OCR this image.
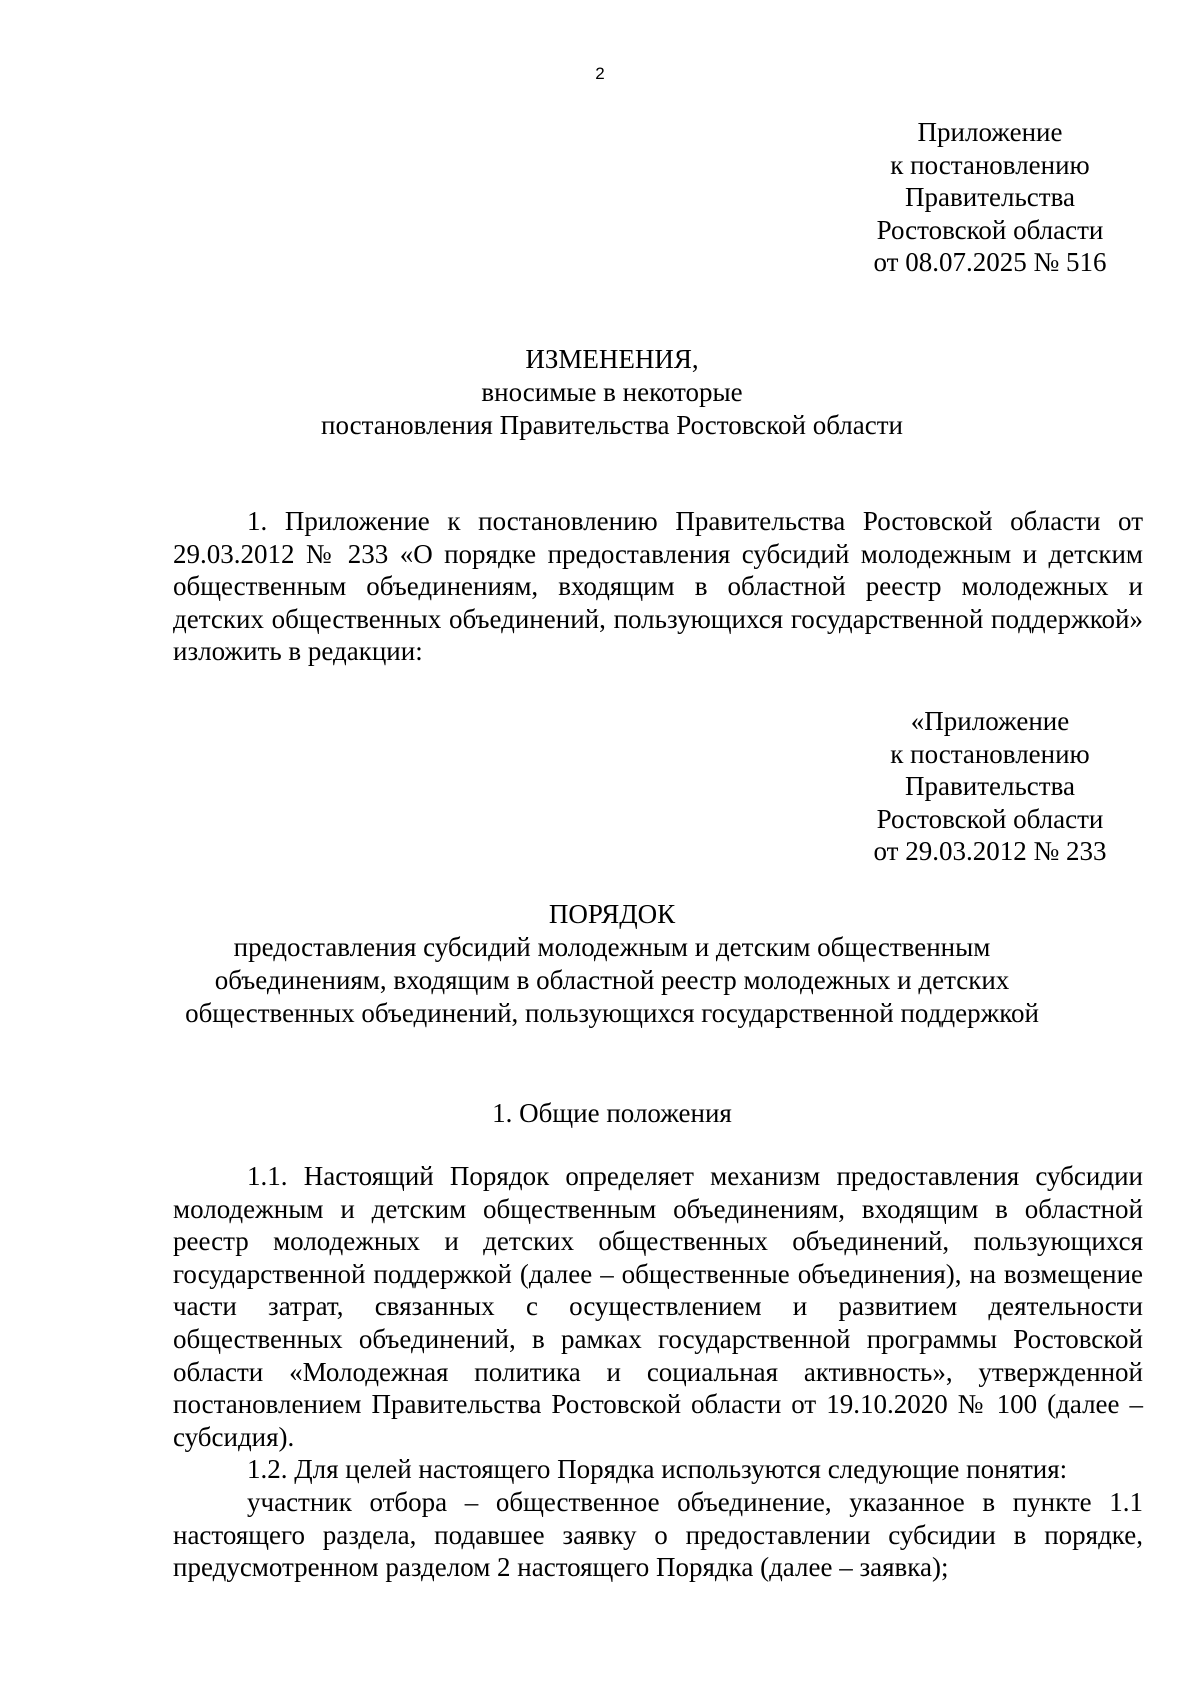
2
Приложение
к постановлению
Правительства
Ростовской области
от 08.07.2025 № 516
ИЗМЕНЕНИЯ,
вносимые в некоторые
постановления Правительства Ростовской области

1. Приложение к постановлению Правительства Ростовской области от 29.03.2012 № 233 «О порядке предоставления субсидий молодежным и детским общественным объединениям, входящим в областной реестр молодежных и детских общественных объединений, пользующихся государственной поддержкой» изложить в редакции:

«Приложение
к постановлению
Правительства
Ростовской области
от 29.03.2012 № 233
ПОРЯДОК
предоставления субсидий молодежным и детским общественным
объединениям, входящим в областной реестр молодежных и детских
общественных объединений, пользующихся государственной поддержкой
1. Общие положения

1.1. Настоящий Порядок определяет механизм предоставления субсидии молодежным и детским общественным объединениям, входящим в областной реестр молодежных и детских общественных объединений, пользующихся государственной поддержкой (далее – общественные объединения), на возмещение части затрат, связанных с осуществлением и развитием деятельности общественных объединений, в рамках государственной программы Ростовской области «Молодежная политика и социальная активность», утвержденной постановлением Правительства Ростовской области от 19.10.2020 № 100 (далее – субсидия).

1.2. Для целей настоящего Порядка используются следующие понятия:

участник отбора – общественное объединение, указанное в пункте 1.1 настоящего раздела, подавшее заявку о предоставлении субсидии в порядке, предусмотренном разделом 2 настоящего Порядка (далее – заявка);
